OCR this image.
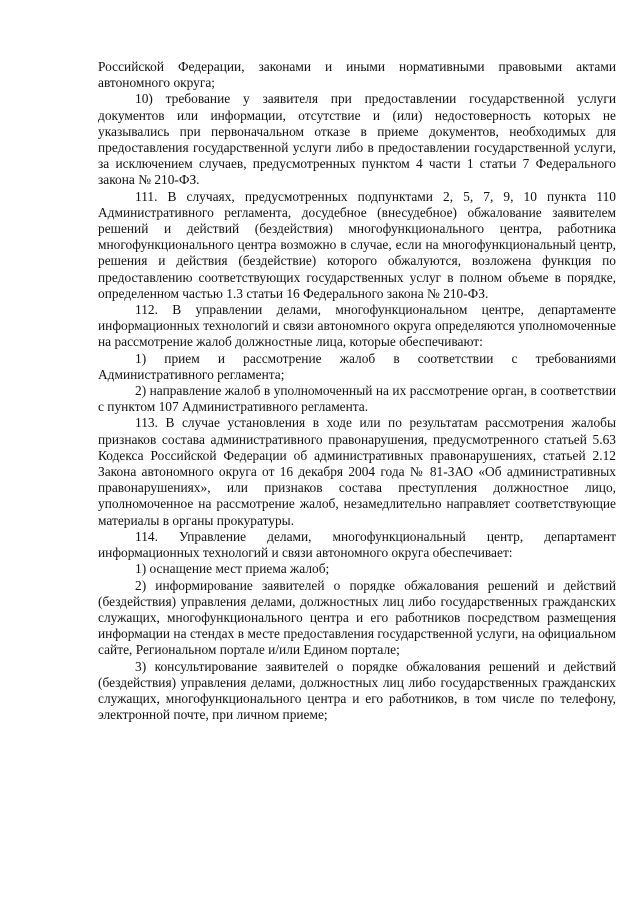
Российской Федерации, законами и иными нормативными правовыми актами автономного округа;

10) требование у заявителя при предоставлении государственной услуги документов или информации, отсутствие и (или) недостоверность которых не указывались при первоначальном отказе в приеме документов, необходимых для предоставления государственной услуги либо в предоставлении государственной услуги, за исключением случаев, предусмотренных пунктом 4 части 1 статьи 7 Федерального закона № 210-ФЗ.

111. В случаях, предусмотренных подпунктами 2, 5, 7, 9, 10 пункта 110 Административного регламента, досудебное (внесудебное) обжалование заявителем решений и действий (бездействия) многофункционального центра, работника многофункционального центра возможно в случае, если на многофункциональный центр, решения и действия (бездействие) которого обжалуются, возложена функция по предоставлению соответствующих государственных услуг в полном объеме в порядке, определенном частью 1.3 статьи 16 Федерального закона № 210-ФЗ.

112. В управлении делами, многофункциональном центре, департаменте информационных технологий и связи автономного округа определяются уполномоченные на рассмотрение жалоб должностные лица, которые обеспечивают:

1) прием и рассмотрение жалоб в соответствии с требованиями Административного регламента;

2) направление жалоб в уполномоченный на их рассмотрение орган, в соответствии с пунктом 107 Административного регламента.

113. В случае установления в ходе или по результатам рассмотрения жалобы признаков состава административного правонарушения, предусмотренного статьей 5.63 Кодекса Российской Федерации об административных правонарушениях, статьей 2.12 Закона автономного округа от 16 декабря 2004 года № 81-ЗАО «Об административных правонарушениях», или признаков состава преступления должностное лицо, уполномоченное на рассмотрение жалоб, незамедлительно направляет соответствующие материалы в органы прокуратуры.

114. Управление делами, многофункциональный центр, департамент информационных технологий и связи автономного округа обеспечивает:

1) оснащение мест приема жалоб;

2) информирование заявителей о порядке обжалования решений и действий (бездействия) управления делами, должностных лиц либо государственных гражданских служащих, многофункционального центра и его работников посредством размещения информации на стендах в месте предоставления государственной услуги, на официальном сайте, Региональном портале и/или Едином портале;

3) консультирование заявителей о порядке обжалования решений и действий (бездействия) управления делами, должностных лиц либо государственных гражданских служащих, многофункционального центра и его работников, в том числе по телефону, электронной почте, при личном приеме;
